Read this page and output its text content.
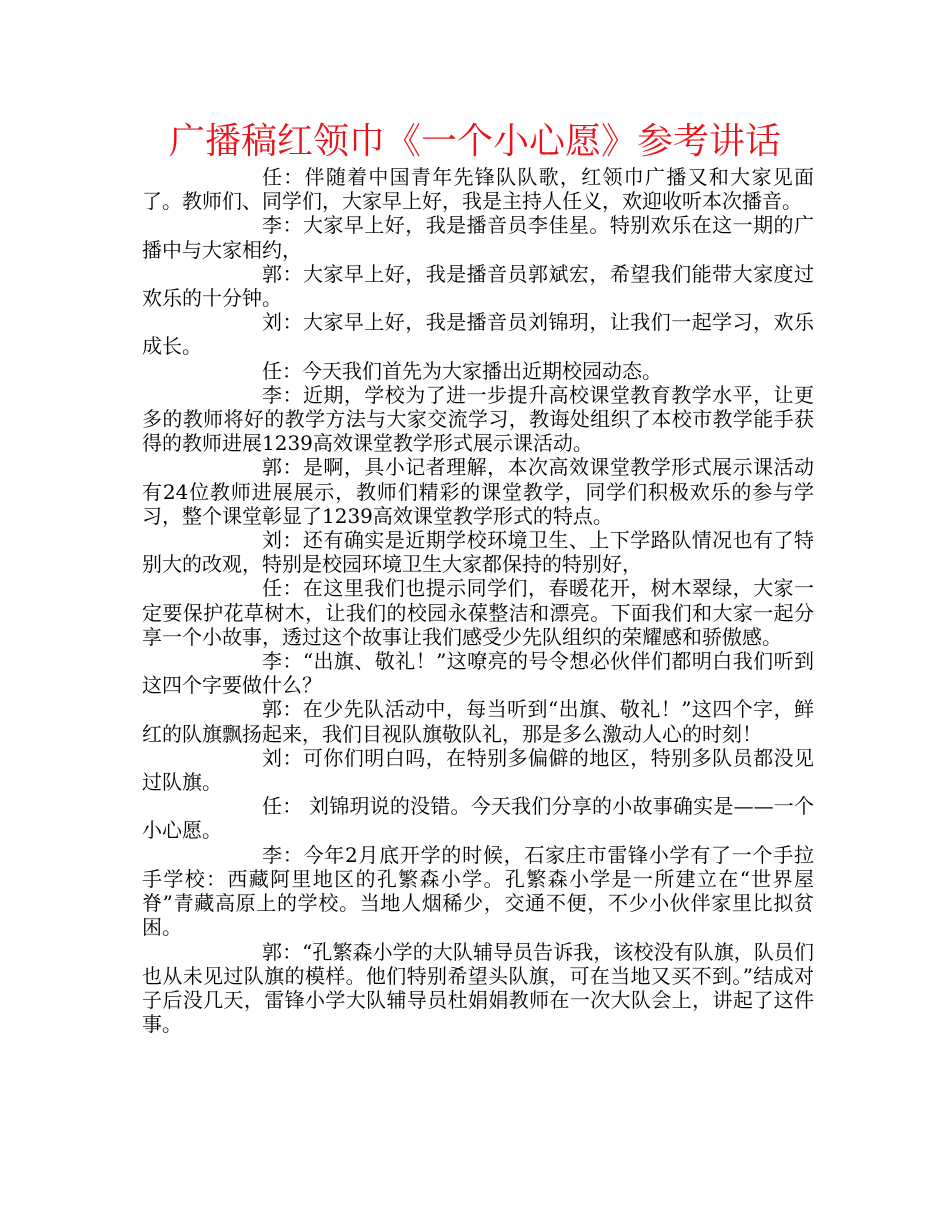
广播稿红领巾《一个小心愿》参考讲话

任：伴随着中国青年先锋队队歌，红领巾广播又和大家见面了。教师们、同学们，大家早上好，我是主持人任义，欢迎收听本次播音。

李：大家早上好，我是播音员李佳星。特别欢乐在这一期的广播中与大家相约，

郭：大家早上好，我是播音员郭斌宏，希望我们能带大家度过欢乐的十分钟。

刘：大家早上好，我是播音员刘锦玥，让我们一起学习，欢乐成长。

任：今天我们首先为大家播出近期校园动态。

李：近期，学校为了进一步提升高校课堂教育教学水平，让更多的教师将好的教学方法与大家交流学习，教诲处组织了本校市教学能手获得的教师进展1239高效课堂教学形式展示课活动。

郭：是啊，具小记者理解，本次高效课堂教学形式展示课活动有24位教师进展展示，教师们精彩的课堂教学，同学们积极欢乐的参与学习，整个课堂彰显了1239高效课堂教学形式的特点。

刘：还有确实是近期学校环境卫生、上下学路队情况也有了特别大的改观，特别是校园环境卫生大家都保持的特别好，

任：在这里我们也提示同学们，春暖花开，树木翠绿，大家一定要保护花草树木，让我们的校园永葆整洁和漂亮。下面我们和大家一起分享一个小故事，透过这个故事让我们感受少先队组织的荣耀感和骄傲感。

李：“出旗、敬礼！”这嘹亮的号令想必伙伴们都明白我们听到这四个字要做什么？

郭：在少先队活动中，每当听到“出旗、敬礼！”这四个字，鲜红的队旗飘扬起来，我们目视队旗敬队礼，那是多么激动人心的时刻！

刘：可你们明白吗，在特别多偏僻的地区，特别多队员都没见过队旗。

任： 刘锦玥说的没错。今天我们分享的小故事确实是——一个小心愿。

李：今年2月底开学的时候，石家庄市雷锋小学有了一个手拉手学校：西藏阿里地区的孔繁森小学。孔繁森小学是一所建立在“世界屋脊”青藏高原上的学校。当地人烟稀少，交通不便，不少小伙伴家里比拟贫困。

郭：“孔繁森小学的大队辅导员告诉我，该校没有队旗，队员们也从未见过队旗的模样。他们特别希望头队旗，可在当地又买不到。”结成对子后没几天，雷锋小学大队辅导员杜娟娟教师在一次大队会上，讲起了这件事。
